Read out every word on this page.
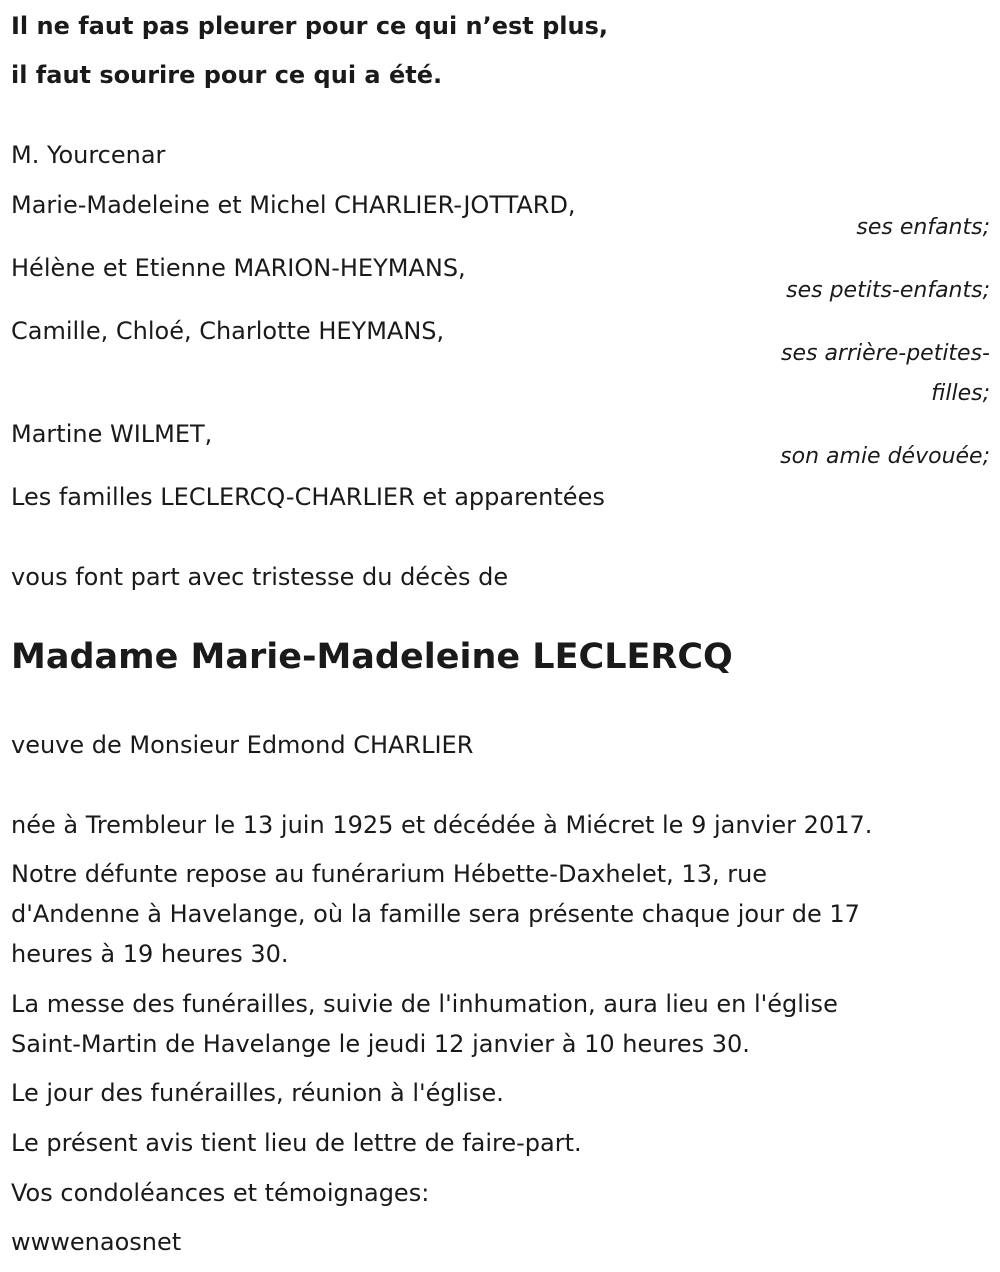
Il ne faut pas pleurer pour ce qui n’est plus,
il faut sourire pour ce qui a été.
M. Yourcenar
Marie-Madeleine et Michel CHARLIER-JOTTARD,
ses enfants;
Hélène et Etienne MARION-HEYMANS,
ses petits-enfants;
Camille, Chloé, Charlotte HEYMANS,
ses arrière-petites-
filles;
Martine WILMET,
son amie dévouée;
Les familles LECLERCQ-CHARLIER et apparentées
vous font part avec tristesse du décès de
Madame Marie-Madeleine LECLERCQ
veuve de Monsieur Edmond CHARLIER
née à Trembleur le 13 juin 1925 et décédée à Miécret le 9 janvier 2017.
Notre défunte repose au funérarium Hébette-Daxhelet, 13, rue
d'Andenne à Havelange, où la famille sera présente chaque jour de 17
heures à 19 heures 30.
La messe des funérailles, suivie de l'inhumation, aura lieu en l'église
Saint-Martin de Havelange le jeudi 12 janvier à 10 heures 30.
Le jour des funérailles, réunion à l'église.
Le présent avis tient lieu de lettre de faire-part.
Vos condoléances et témoignages:
wwwenaosnet
